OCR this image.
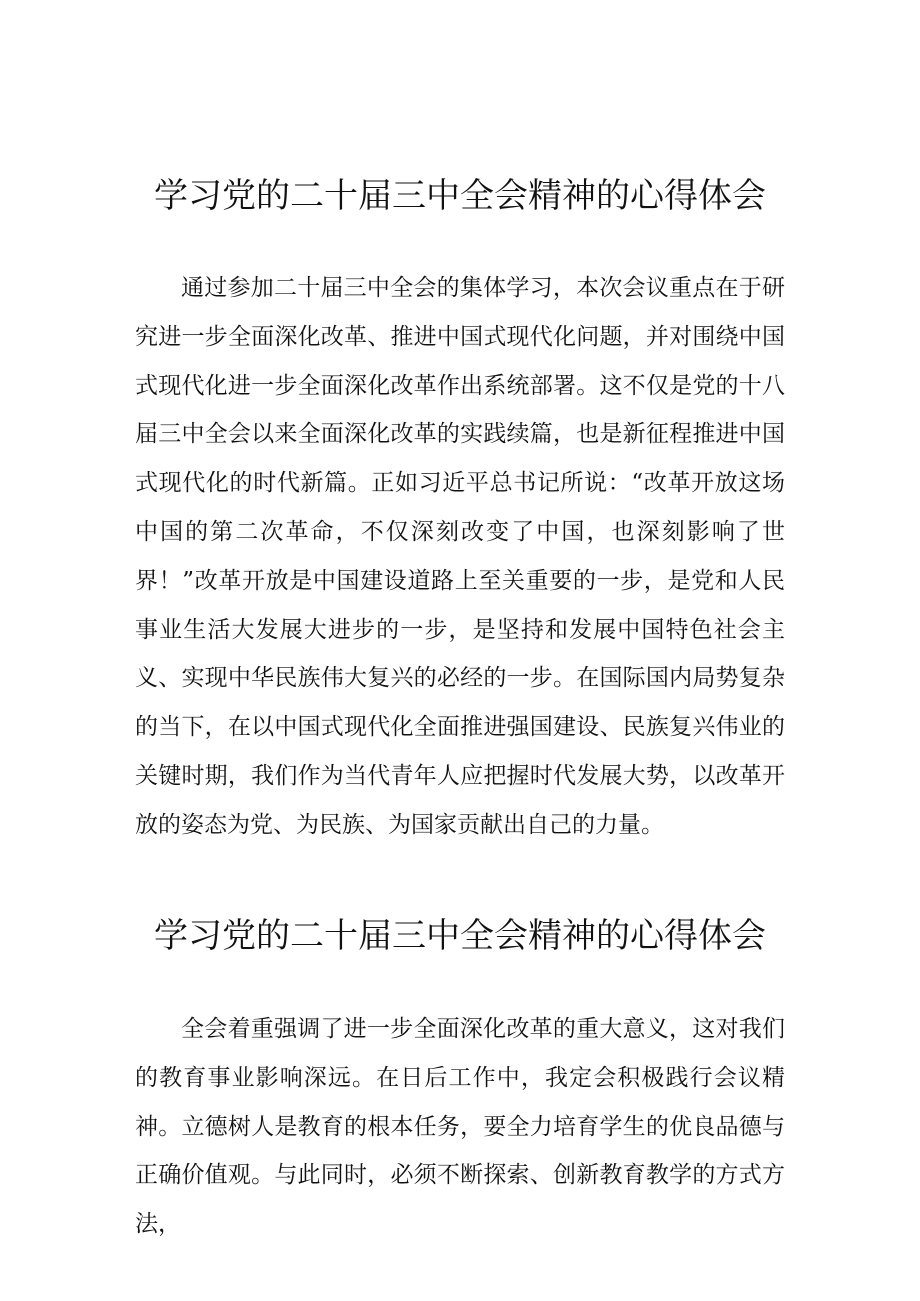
学习党的二十届三中全会精神的心得体会

通过参加二十届三中全会的集体学习，本次会议重点在于研究进一步全面深化改革、推进中国式现代化问题，并对围绕中国式现代化进一步全面深化改革作出系统部署。这不仅是党的十八届三中全会以来全面深化改革的实践续篇，也是新征程推进中国式现代化的时代新篇。正如习近平总书记所说：“改革开放这场中国的第二次革命，不仅深刻改变了中国，也深刻影响了世界！”改革开放是中国建设道路上至关重要的一步，是党和人民事业生活大发展大进步的一步，是坚持和发展中国特色社会主义、实现中华民族伟大复兴的必经的一步。在国际国内局势复杂的当下，在以中国式现代化全面推进强国建设、民族复兴伟业的关键时期，我们作为当代青年人应把握时代发展大势，以改革开放的姿态为党、为民族、为国家贡献出自己的力量。

学习党的二十届三中全会精神的心得体会

全会着重强调了进一步全面深化改革的重大意义，这对我们的教育事业影响深远。在日后工作中，我定会积极践行会议精神。立德树人是教育的根本任务，要全力培育学生的优良品德与正确价值观。与此同时，必须不断探索、创新教育教学的方式方法，
